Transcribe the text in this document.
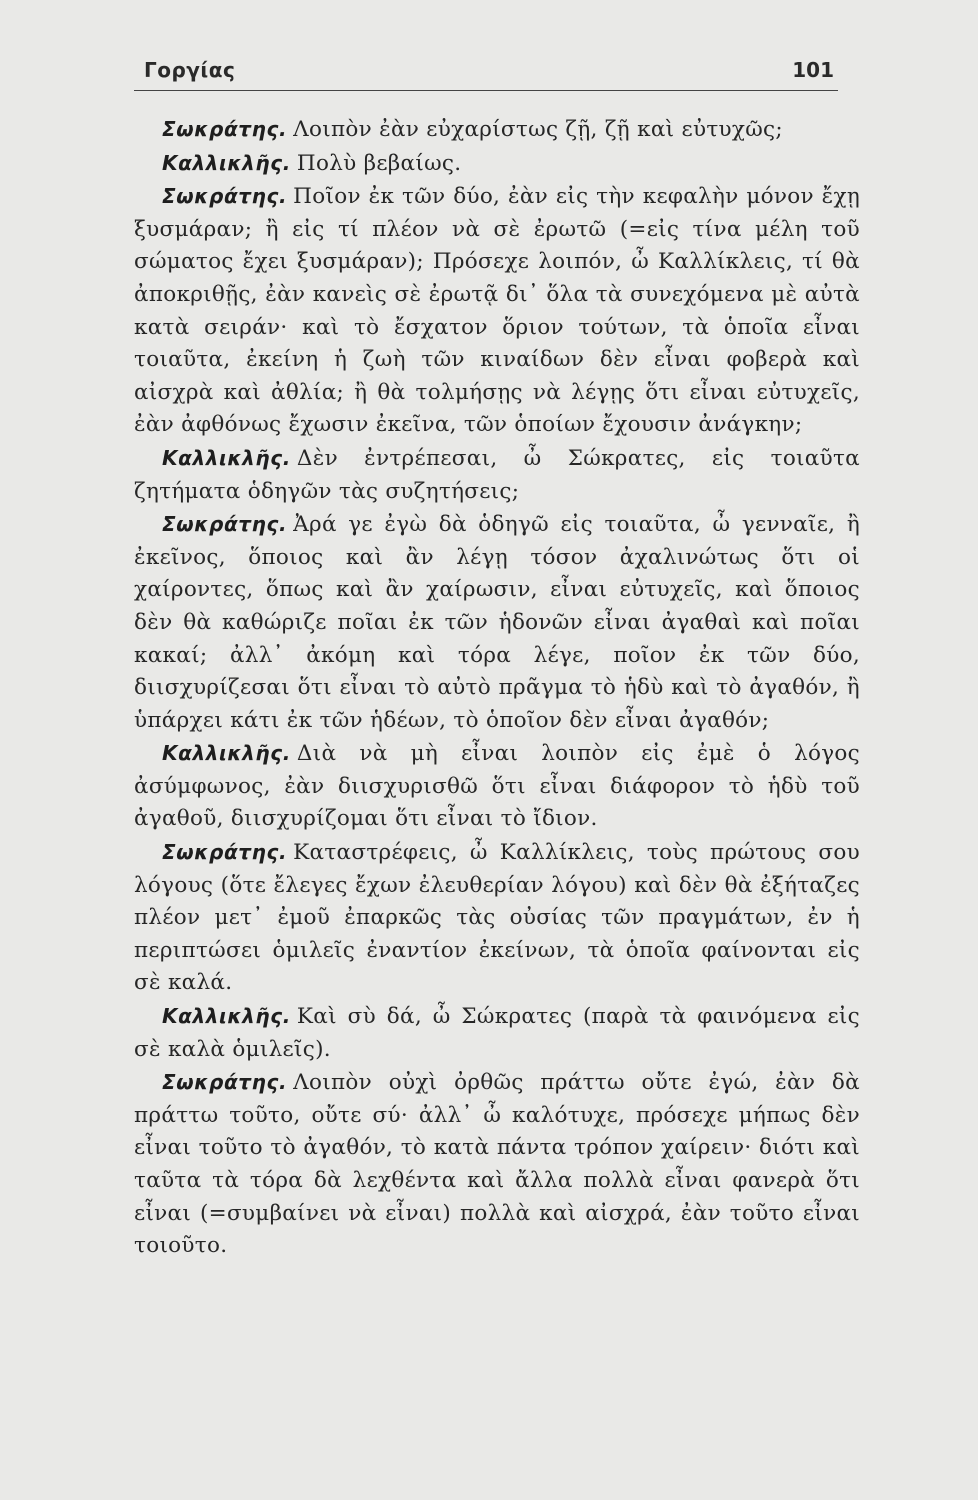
Γοργίας	101

Σωκράτης. Λοιπὸν ἐὰν εὐχαρίστως ζῇ, ζῇ καὶ εὐτυχῶς;

Καλλικλῆς. Πολὺ βεβαίως.

Σωκράτης. Ποῖον ἐκ τῶν δύο, ἐὰν εἰς τὴν κεφαλὴν μόνον ἔχῃ ξυσμάραν; ἢ εἰς τί πλέον νὰ σὲ ἐρωτῶ (=εἰς τίνα μέλη τοῦ σώματος ἔχει ξυσμάραν); Πρόσεχε λοιπόν, ὦ Καλλίκλεις, τί θὰ ἀποκριθῇς, ἐὰν κανεὶς σὲ ἐρωτᾷ δι᾽ ὅλα τὰ συνεχόμενα μὲ αὐτὰ κατὰ σειράν· καὶ τὸ ἔσχατον ὅριον τούτων, τὰ ὁποῖα εἶναι τοιαῦτα, ἐκείνη ἡ ζωὴ τῶν κιναίδων δὲν εἶναι φοβερὰ καὶ αἰσχρὰ καὶ ἀθλία; ἢ θὰ τολμήσῃς νὰ λέγῃς ὅτι εἶναι εὐτυχεῖς, ἐὰν ἀφθόνως ἔχωσιν ἐκεῖνα, τῶν ὁποίων ἔχουσιν ἀνάγκην;

Καλλικλῆς. Δὲν ἐντρέπεσαι, ὦ Σώκρατες, εἰς τοιαῦτα ζητήματα ὁδηγῶν τὰς συζητήσεις;

Σωκράτης. Ἀρά γε ἐγὼ δὰ ὁδηγῶ εἰς τοιαῦτα, ὦ γενναῖε, ἢ ἐκεῖνος, ὅποιος καὶ ἂν λέγῃ τόσον ἀχαλινώτως ὅτι οἱ χαίροντες, ὅπως καὶ ἂν χαίρωσιν, εἶναι εὐτυχεῖς, καὶ ὅποιος δὲν θὰ καθώριζε ποῖαι ἐκ τῶν ἡδονῶν εἶναι ἀγαθαὶ καὶ ποῖαι κακαί; ἀλλ᾽ ἀκόμη καὶ τόρα λέγε, ποῖον ἐκ τῶν δύο, διισχυρίζεσαι ὅτι εἶναι τὸ αὐτὸ πρᾶγμα τὸ ἡδὺ καὶ τὸ ἀγαθόν, ἢ ὑπάρχει κάτι ἐκ τῶν ἡδέων, τὸ ὁποῖον δὲν εἶναι ἀγαθόν;

Καλλικλῆς. Διὰ νὰ μὴ εἶναι λοιπὸν εἰς ἐμὲ ὁ λόγος ἀσύμφωνος, ἐὰν διισχυρισθῶ ὅτι εἶναι διάφορον τὸ ἡδὺ τοῦ ἀγαθοῦ, διισχυρίζομαι ὅτι εἶναι τὸ ἴδιον.

Σωκράτης. Καταστρέφεις, ὦ Καλλίκλεις, τοὺς πρώτους σου λόγους (ὅτε ἔλεγες ἔχων ἐλευθερίαν λόγου) καὶ δὲν θὰ ἐξήταζες πλέον μετ᾽ ἐμοῦ ἐπαρκῶς τὰς οὐσίας τῶν πραγμάτων, ἐν ἡ περιπτώσει ὁμιλεῖς ἐναντίον ἐκείνων, τὰ ὁποῖα φαίνονται εἰς σὲ καλά.

Καλλικλῆς. Καὶ σὺ δά, ὦ Σώκρατες (παρὰ τὰ φαινόμενα εἰς σὲ καλὰ ὁμιλεῖς).

Σωκράτης. Λοιπὸν οὐχὶ ὀρθῶς πράττω οὔτε ἐγώ, ἐὰν δὰ πράττω τοῦτο, οὔτε σύ· ἀλλ᾽ ὦ καλότυχε, πρόσεχε μήπως δὲν εἶναι τοῦτο τὸ ἀγαθόν, τὸ κατὰ πάντα τρόπον χαίρειν· διότι καὶ ταῦτα τὰ τόρα δὰ λεχθέντα καὶ ἄλλα πολλὰ εἶναι φανερὰ ὅτι εἶναι (=συμβαίνει νὰ εἶναι) πολλὰ καὶ αἰσχρά, ἐὰν τοῦτο εἶναι τοιοῦτο.
